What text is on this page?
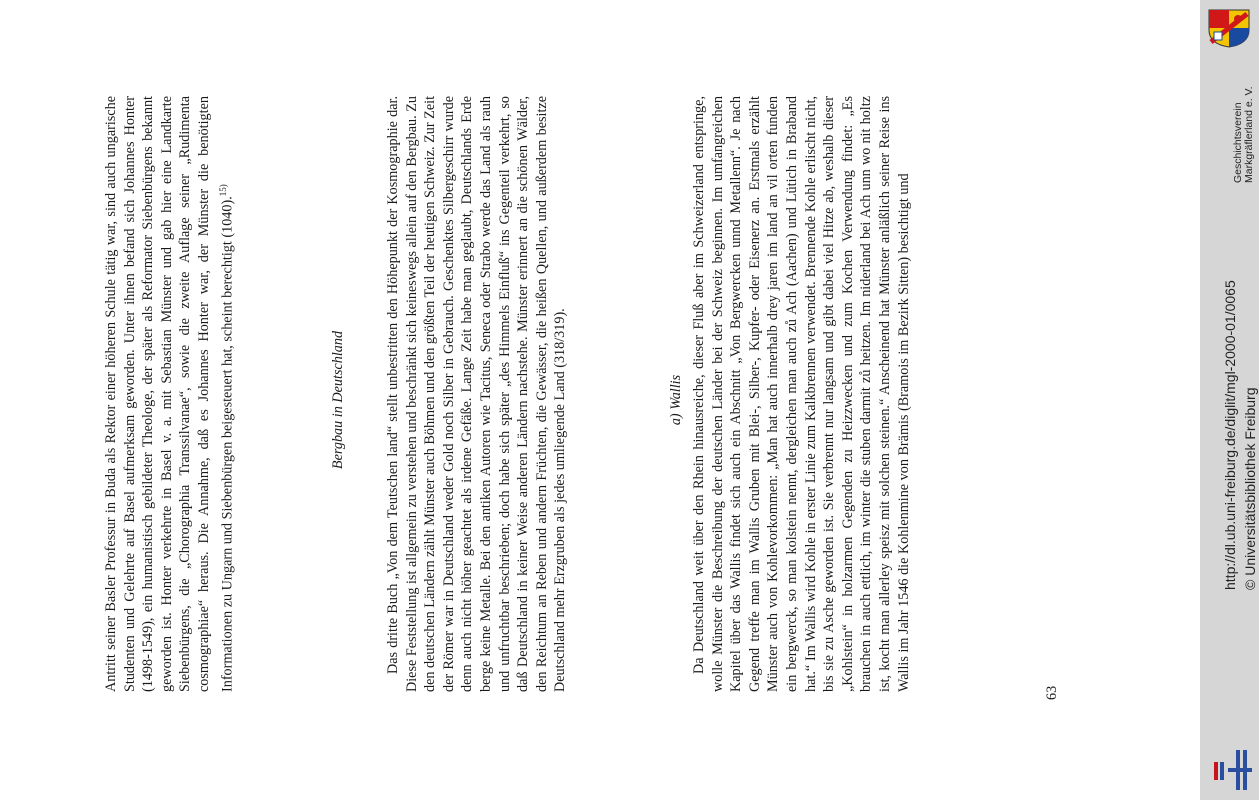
Antritt seiner Basler Professur in Buda als Rektor einer höheren Schule tätig war, sind auch ungarische Studenten und Gelehrte auf Basel aufmerksam geworden. Unter ihnen befand sich Johannes Honter (1498-1549), ein humanistisch gebildeter Theologe, der später als Reformator Siebenbürgens bekannt geworden ist. Honter verkehrte in Basel v. a. mit Sebastian Münster und gab hier eine Landkarte Siebenbürgens, die „Chorographia Transsilvanae“, sowie die zweite Auflage seiner „Rudimenta cosmographiae“ heraus. Die Annahme, daß es Johannes Honter war, der Münster die benötigten Informationen zu Ungarn und Siebenbürgen beigesteuert hat, scheint berechtigt (1040).$^{15)}$
Bergbau in Deutschland	Das dritte Buch „Von dem Teutschen land“ stellt unbestritten den Höhepunkt der Kosmographie dar. Diese Feststellung ist allgemein zu verstehen und beschränkt sich keineswegs allein auf den Bergbau. Zu den deutschen Ländern zählt Münster auch Böhmen und den größten Teil der heutigen Schweiz. Zur Zeit der Römer war in Deutschland weder Gold noch Silber in Gebrauch. Geschenktes Silbergeschirr wurde denn auch nicht höher geachtet als irdene Gefäße. Lange Zeit habe man geglaubt, Deutschlands Erde berge keine Metalle. Bei den antiken Autoren wie Tacitus, Seneca oder Strabo werde das Land als rauh und unfruchtbar beschrieben; doch habe sich später „des Himmels Einfluß“ ins Gegenteil verkehrt, so daß Deutschland in keiner Weise anderen Ländern nachstehe. Münster erinnert an die schönen Wälder, den Reichtum an Reben und andern Früchten, die Gewässer, die heißen Quellen, und außerdem besitze Deutschland mehr Erzgruben als jedes umliegende Land (318/319).	a) Wallis Da Deutschland weit über den Rhein hinausreiche, dieser Fluß aber im Schweizerland entspringe, wolle Münster die Beschreibung der deutschen Länder bei der Schweiz beginnen. Im umfangreichen Kapitel über das Wallis findet sich auch ein Abschnitt „Von Bergwercken unnd Metallenn“. Je nach Gegend treffe man im Wallis Gruben mit Blei-, Silber-, Kupfer- oder Eisenerz an. Erstmals erzählt Münster auch von Kohlevorkommen: „Man hat auch innerhalb drey jaren im land an vil orten funden ein bergwerck, so man kolstein nennt, dergleichen man auch zů Ach (Aachen) und Lütich in Braband hat.“ Im Wallis wird Kohle in erster Linie zum Kalkbrennen verwendet. Brennende Kohle erlischt nicht, bis sie zu Asche geworden ist. Sie verbrennt nur langsam und gibt dabei viel Hitze ab, weshalb dieser „Kohlstein“ in holzarmen Gegenden zu Heizzwecken und zum Kochen Verwendung findet: „Es brauchen in auch ettlich, im winter die stuben darmit zů heitzen. Im niderland bei Ach unn wo nit holtz ist, kocht man allerley speisz mit solchen steinen.“ Anscheinend hat Münster anläßlich seiner Reise ins Wallis im Jahr 1546 die Kohlenmine von Brämis (Bramois im Bezirk Sitten) besichtigt und
63
Geschichtsverein Markgräflerland e. V.
http://dl.ub.uni-freiburg.de/diglit/mgl-2000-01/0065 © Universitätsbibliothek Freiburg
